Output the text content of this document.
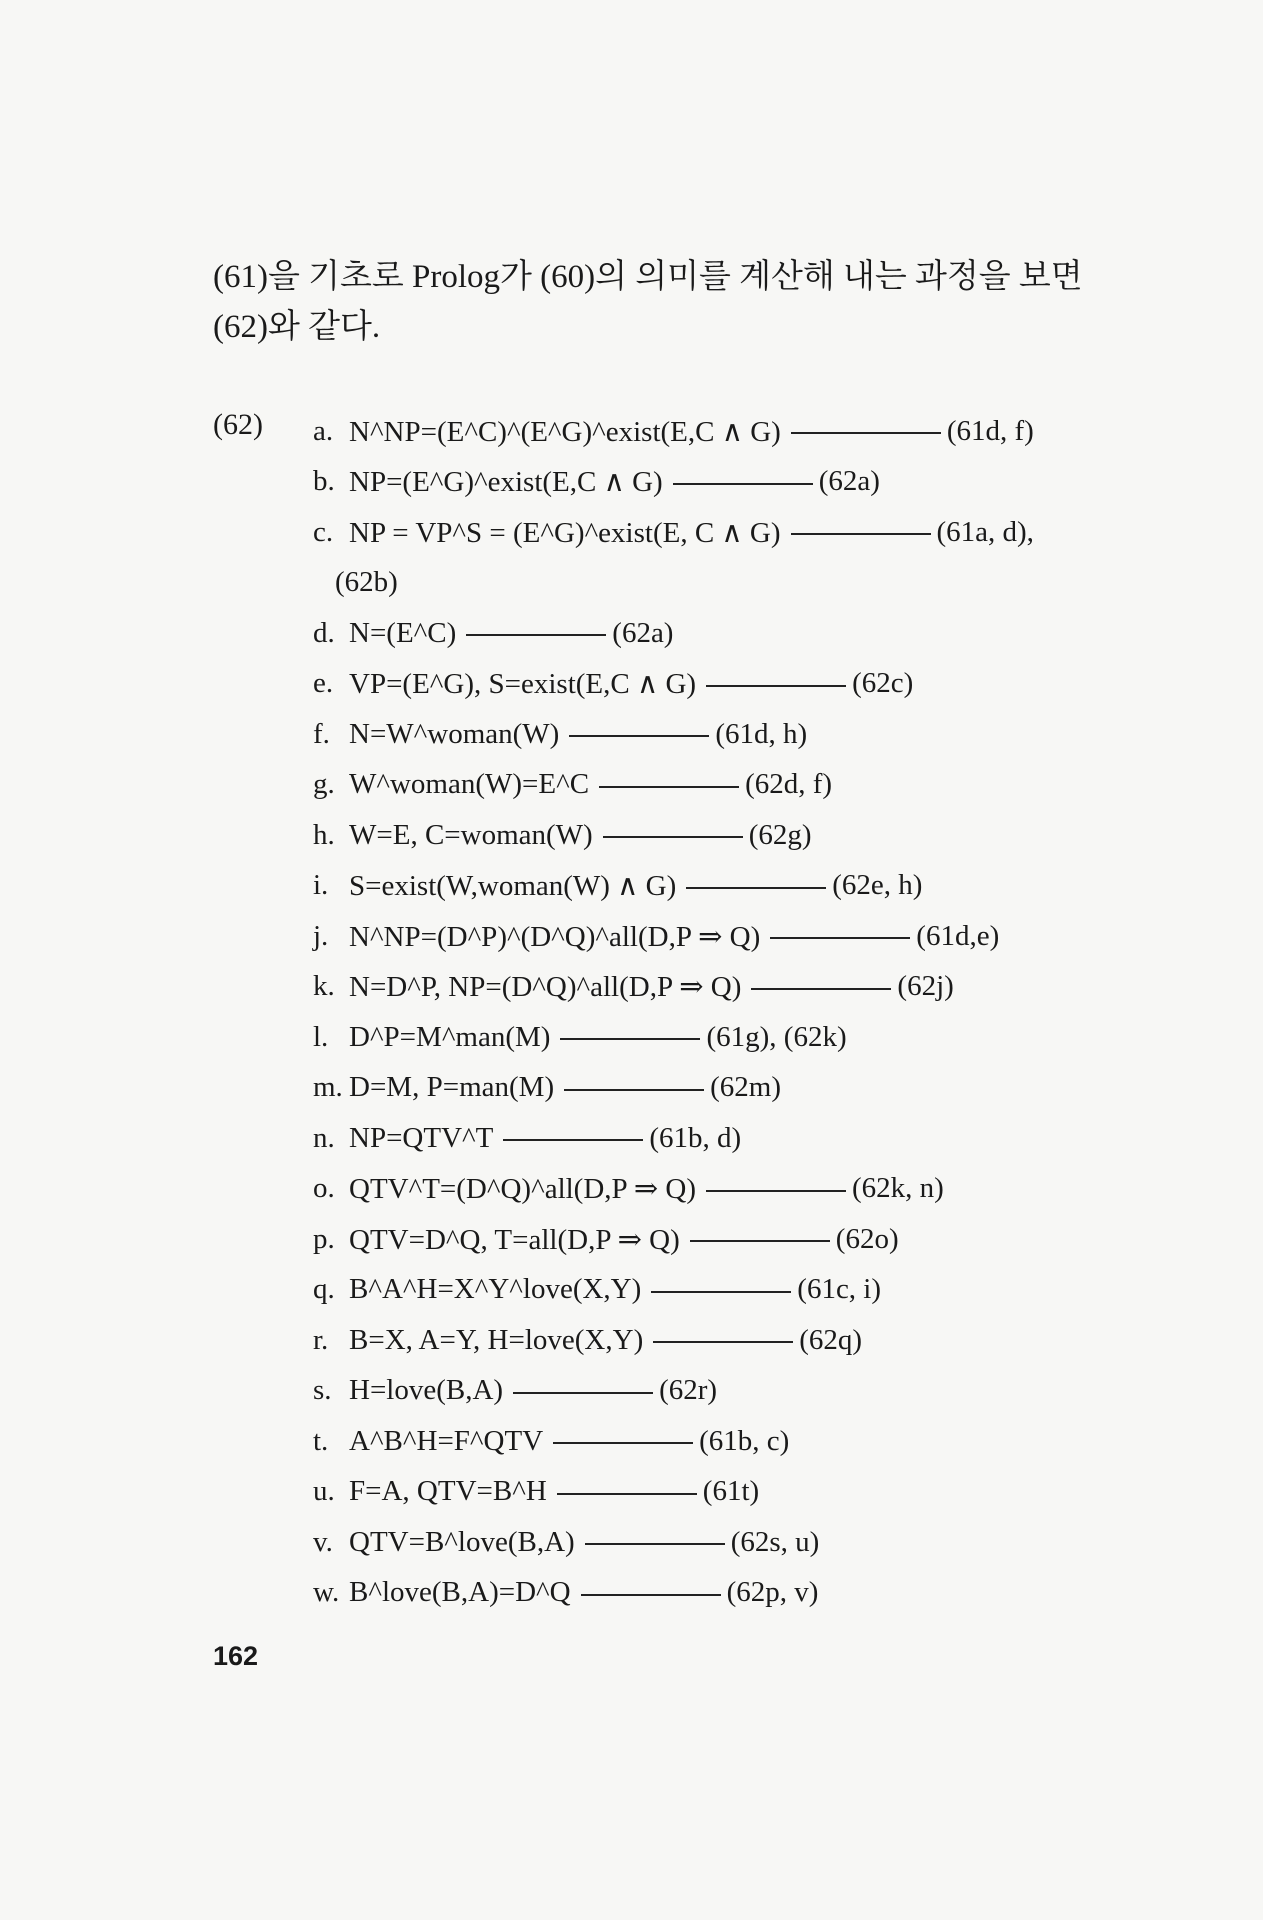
(61)을 기초로 Prolog가 (60)의 의미를 계산해 내는 과정을 보면

(62)와 같다.

(62) a. N^NP=(E^C)^(E^G)^exist(E,C ∧ G)	(61d, f)
b. NP=(E^G)^exist(E,C ∧ G)	(62a)
c. NP = VP^S = (E^G)^exist(E, C ∧ G)	(61a, d),
(62b)
d. N=(E^C)	(62a)
e. VP=(E^G), S=exist(E,C ∧ G)	(62c)
f. N=W^woman(W)	(61d, h)
g. W^woman(W)=E^C	(62d, f)
h. W=E, C=woman(W)	(62g)
i. S=exist(W,woman(W) ∧ G)	(62e, h)
j. N^NP=(D^P)^(D^Q)^all(D,P ⇒ Q)	(61d,e)
k. N=D^P, NP=(D^Q)^all(D,P ⇒ Q)	(62j)
l. D^P=M^man(M)	(61g), (62k)
m. D=M, P=man(M)	(62m)
n. NP=QTV^T	(61b, d)
o. QTV^T=(D^Q)^all(D,P ⇒ Q)	(62k, n)
p. QTV=D^Q, T=all(D,P ⇒ Q)	(62o)
q. B^A^H=X^Y^love(X,Y)	(61c, i)
r. B=X, A=Y, H=love(X,Y)	(62q)
s. H=love(B,A)	(62r)
t. A^B^H=F^QTV	(61b, c)
u. F=A, QTV=B^H	(61t)
v. QTV=B^love(B,A)	(62s, u)
w. B^love(B,A)=D^Q	(62p, v)
162
